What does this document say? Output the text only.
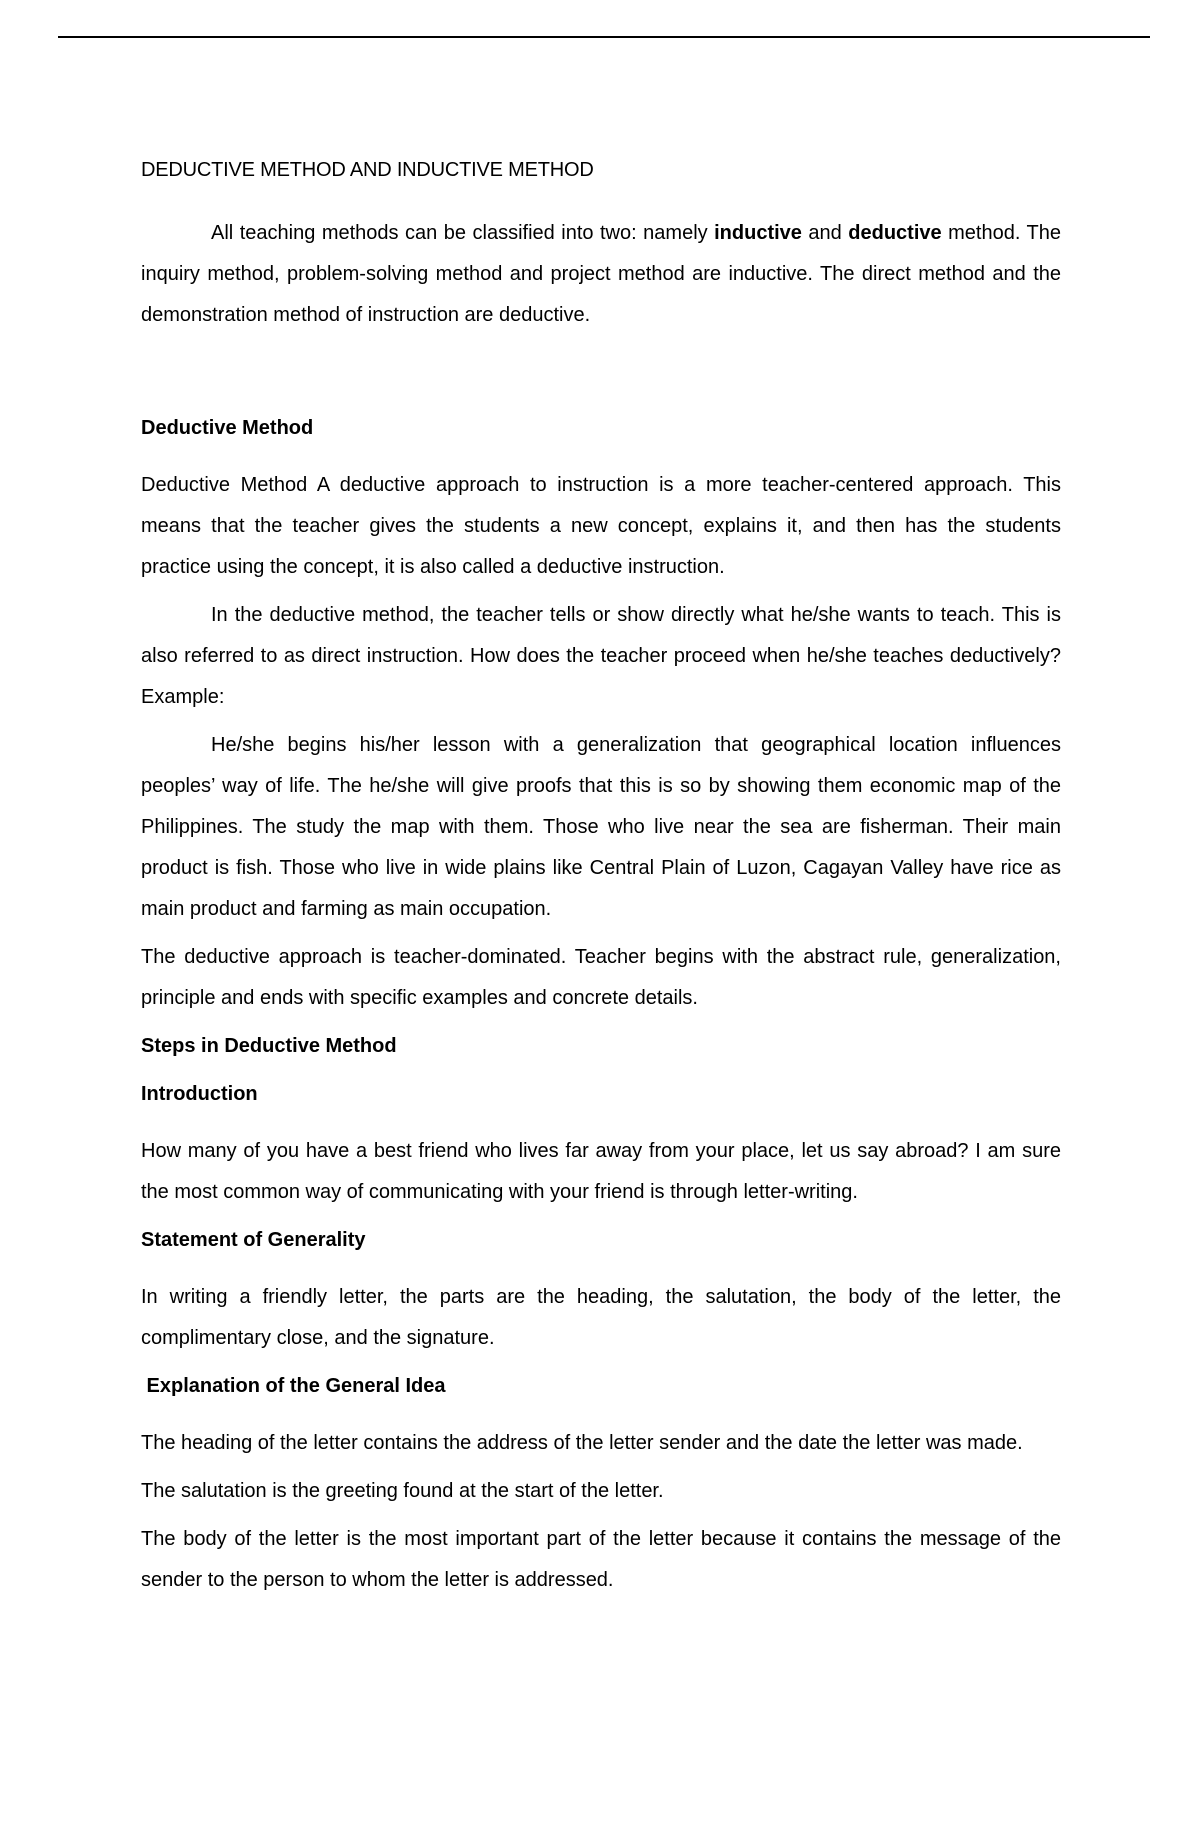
DEDUCTIVE METHOD AND INDUCTIVE METHOD

All teaching methods can be classified into two: namely inductive and deductive method. The inquiry method, problem-solving method and project method are inductive. The direct method and the demonstration method of instruction are deductive.

Deductive Method

Deductive Method A deductive approach to instruction is a more teacher-centered approach. This means that the teacher gives the students a new concept, explains it, and then has the students practice using the concept, it is also called a deductive instruction.

In the deductive method, the teacher tells or show directly what he/she wants to teach. This is also referred to as direct instruction. How does the teacher proceed when he/she teaches deductively? Example:

He/she begins his/her lesson with a generalization that geographical location influences peoples’ way of life. The he/she will give proofs that this is so by showing them economic map of the Philippines. The study the map with them. Those who live near the sea are fisherman. Their main product is fish. Those who live in wide plains like Central Plain of Luzon, Cagayan Valley have rice as main product and farming as main occupation.

The deductive approach is teacher-dominated. Teacher begins with the abstract rule, generalization, principle and ends with specific examples and concrete details.

Steps in Deductive Method
Introduction

How many of you have a best friend who lives far away from your place, let us say abroad? I am sure the most common way of communicating with your friend is through letter-writing.

Statement of Generality

In writing a friendly letter, the parts are the heading, the salutation, the body of the letter, the complimentary close, and the signature.

Explanation of the General Idea

The heading of the letter contains the address of the letter sender and the date the letter was made.

The salutation is the greeting found at the start of the letter.

The body of the letter is the most important part of the letter because it contains the message of the sender to the person to whom the letter is addressed.
